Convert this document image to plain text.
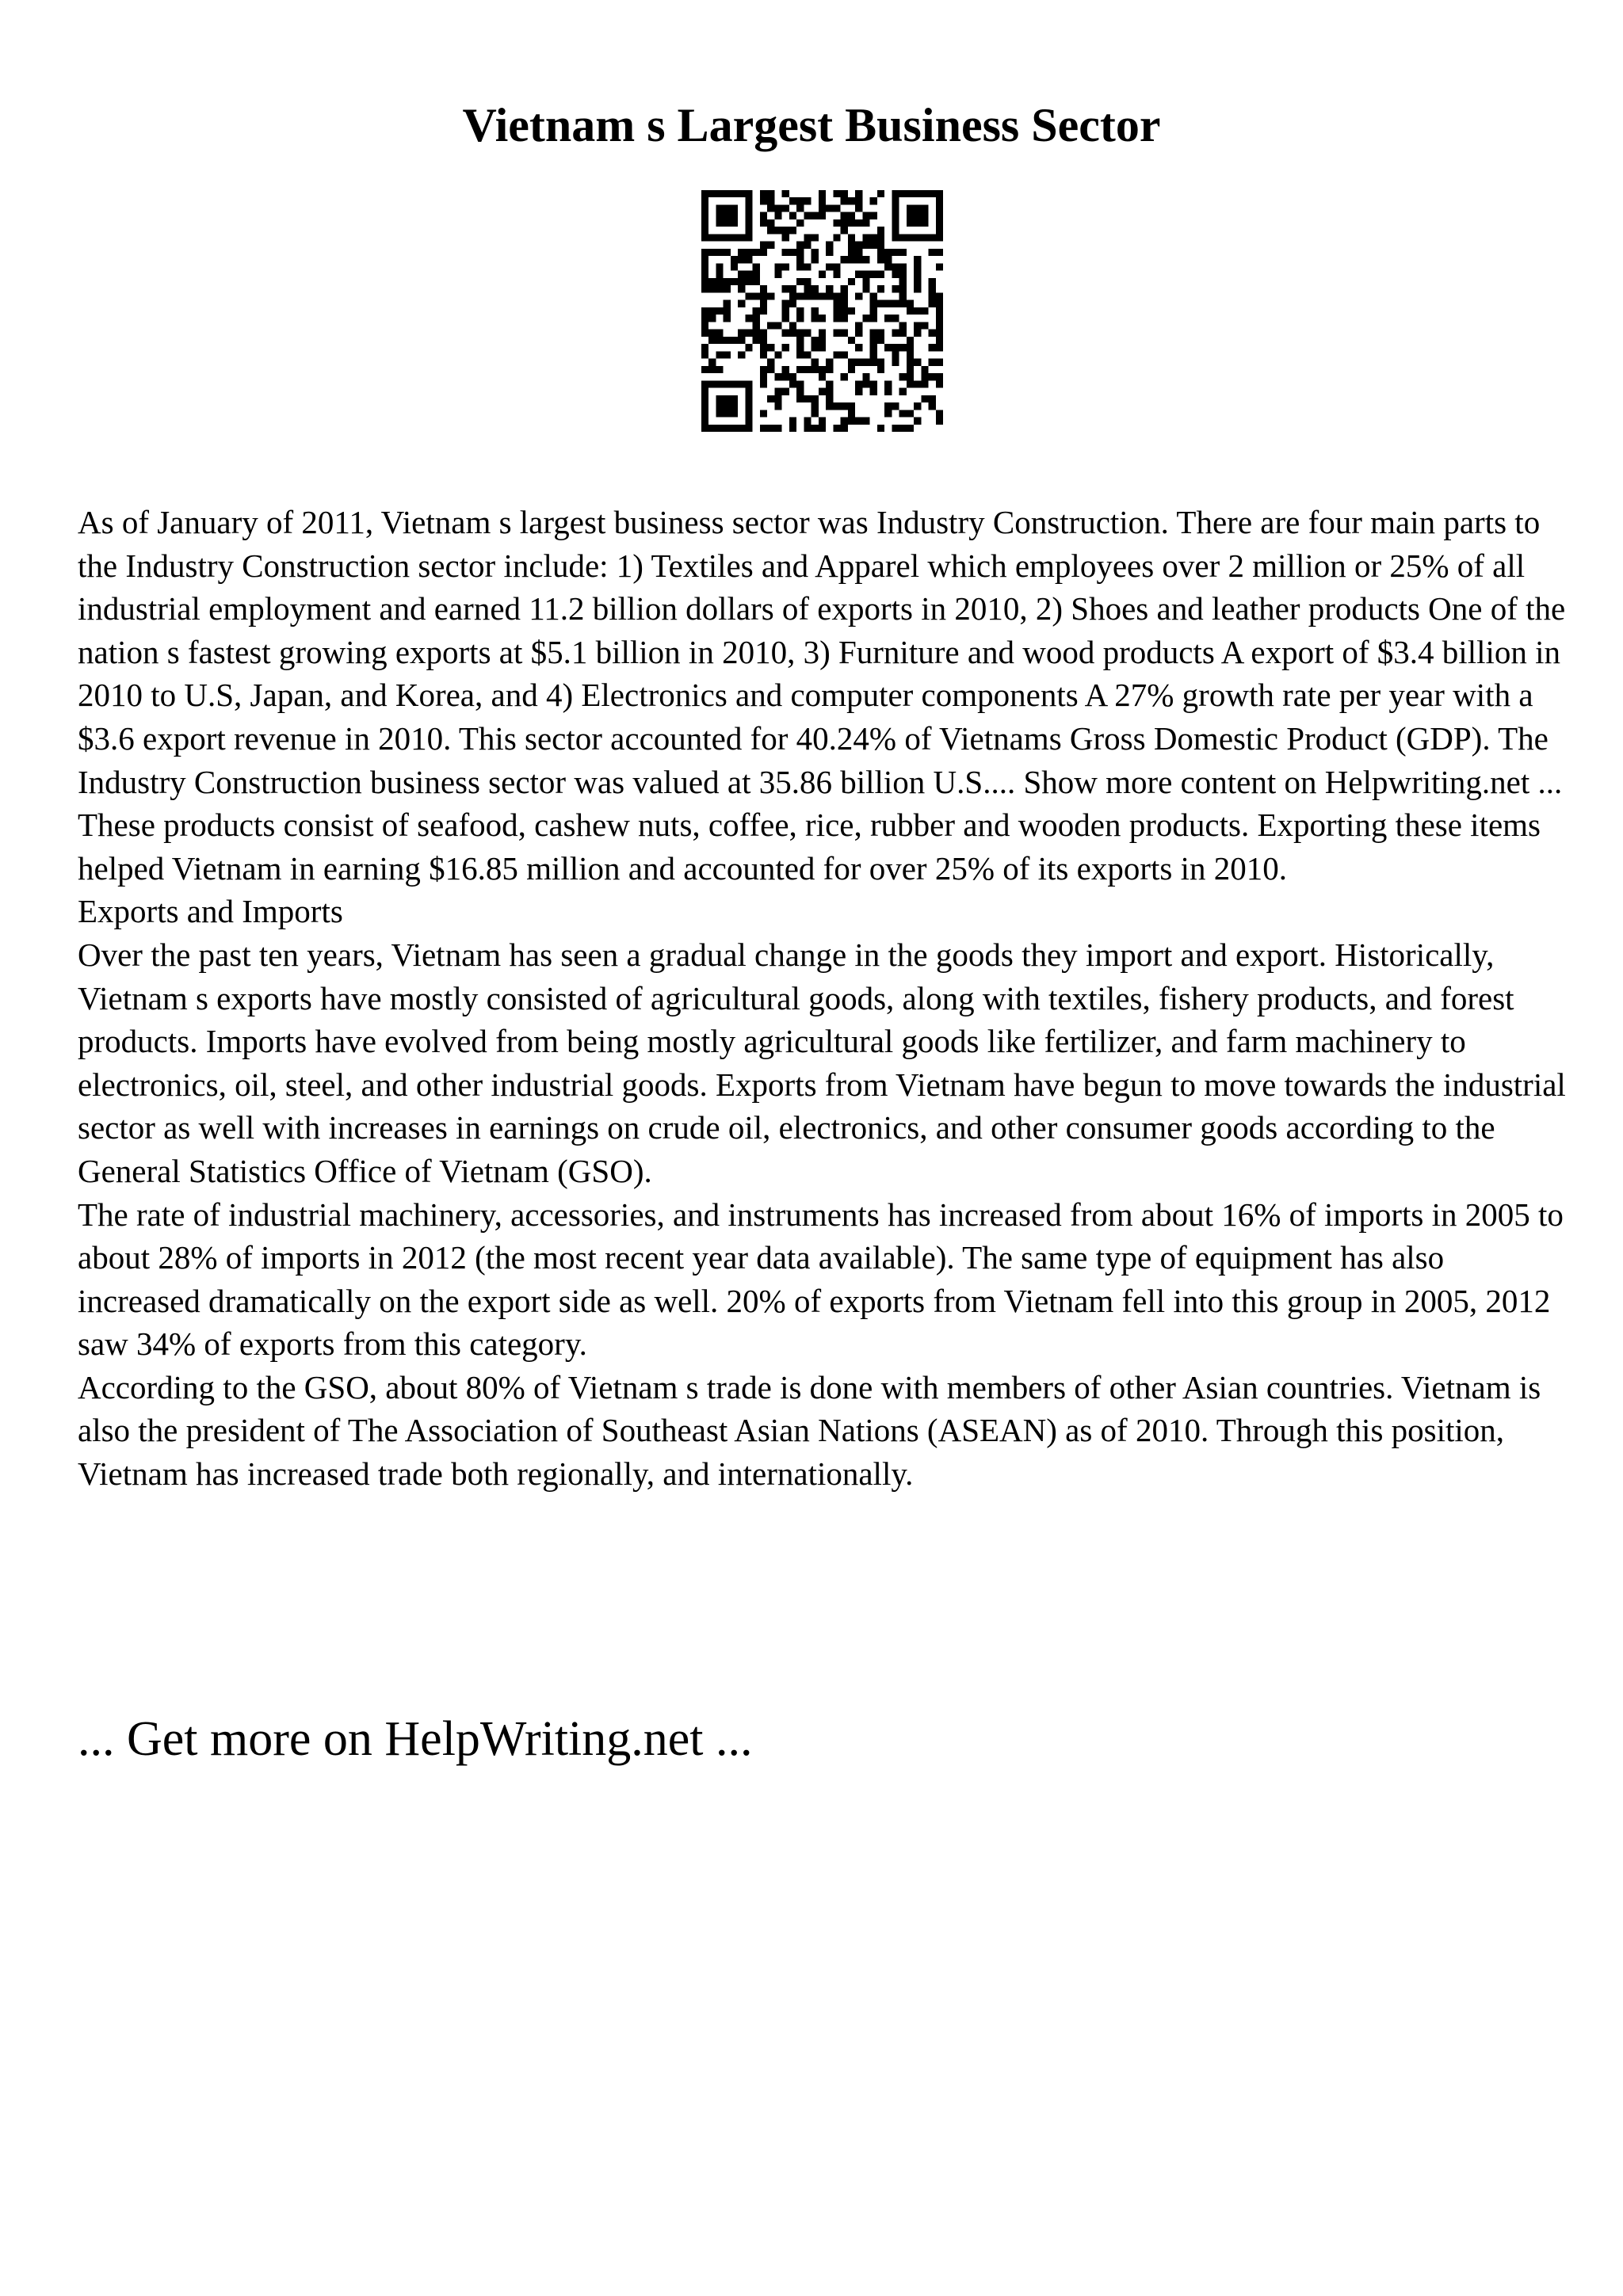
Vietnam s Largest Business Sector

As of January of 2011, Vietnam s largest business sector was Industry Construction. There are four main parts to the Industry Construction sector include: 1) Textiles and Apparel which employees over 2 million or 25% of all industrial employment and earned 11.2 billion dollars of exports in 2010, 2) Shoes and leather products One of the nation s fastest growing exports at $5.1 billion in 2010, 3) Furniture and wood products A export of $3.4 billion in 2010 to U.S, Japan, and Korea, and 4) Electronics and computer components A 27% growth rate per year with a $3.6 export revenue in 2010. This sector accounted for 40.24% of Vietnams Gross Domestic Product (GDP). The Industry Construction business sector was valued at 35.86 billion U.S.... Show more content on Helpwriting.net ...

These products consist of seafood, cashew nuts, coffee, rice, rubber and wooden products. Exporting these items helped Vietnam in earning $16.85 million and accounted for over 25% of its exports in 2010.

Exports and Imports

Over the past ten years, Vietnam has seen a gradual change in the goods they import and export. Historically, Vietnam s exports have mostly consisted of agricultural goods, along with textiles, fishery products, and forest products. Imports have evolved from being mostly agricultural goods like fertilizer, and farm machinery to electronics, oil, steel, and other industrial goods. Exports from Vietnam have begun to move towards the industrial sector as well with increases in earnings on crude oil, electronics, and other consumer goods according to the General Statistics Office of Vietnam (GSO).

The rate of industrial machinery, accessories, and instruments has increased from about 16% of imports in 2005 to about 28% of imports in 2012 (the most recent year data available). The same type of equipment has also increased dramatically on the export side as well. 20% of exports from Vietnam fell into this group in 2005, 2012 saw 34% of exports from this category.

According to the GSO, about 80% of Vietnam s trade is done with members of other Asian countries. Vietnam is also the president of The Association of Southeast Asian Nations (ASEAN) as of 2010. Through this position, Vietnam has increased trade both regionally, and internationally.

... Get more on HelpWriting.net ...
